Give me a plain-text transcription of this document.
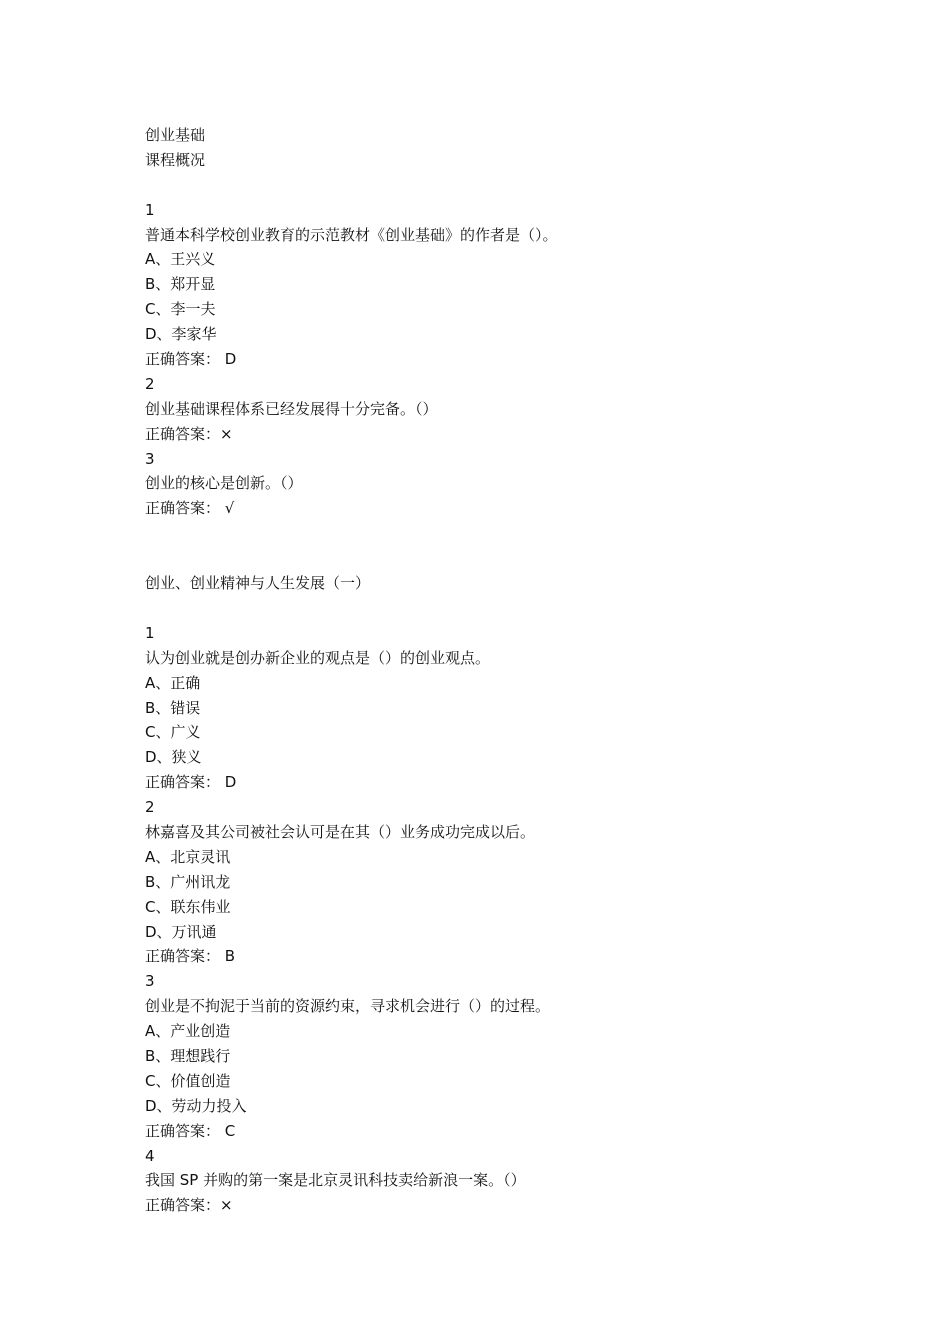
创业基础
课程概况
1
普通本科学校创业教育的示范教材《创业基础》的作者是（）。
A、王兴义
B、郑开显
C、李一夫
D、李家华
正确答案： D
2
创业基础课程体系已经发展得十分完备。（）
正确答案：×
3
创业的核心是创新。（）
正确答案： √
创业、创业精神与人生发展（一）
1
认为创业就是创办新企业的观点是（）的创业观点。
A、正确
B、错误
C、广义
D、狭义
正确答案： D
2
林嘉喜及其公司被社会认可是在其（）业务成功完成以后。
A、北京灵讯
B、广州讯龙
C、联东伟业
D、万讯通
正确答案： B
3
创业是不拘泥于当前的资源约束，寻求机会进行（）的过程。
A、产业创造
B、理想践行
C、价值创造
D、劳动力投入
正确答案： C
4
我国 SP 并购的第一案是北京灵讯科技卖给新浪一案。（）
正确答案：×
